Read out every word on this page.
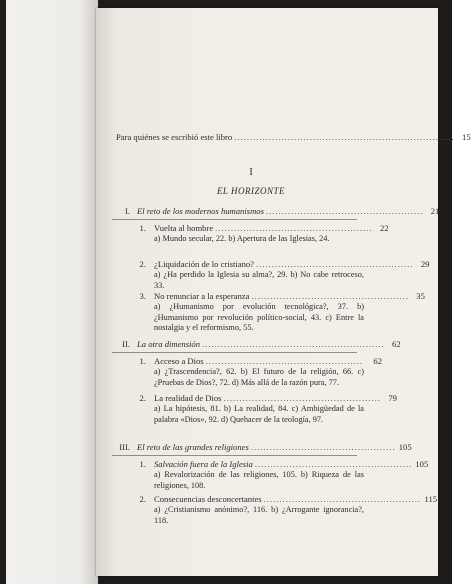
Para quiénes se escribió este libro ...................................................................... 15
I
EL HORIZONTE
I. El reto de los modernos humanismos .................................................. 21
1. Vuelta al hombre .................................................. 22
a) Mundo secular, 22. b) Apertura de las Iglesias, 24.
2. ¿Liquidación de lo cristiano? .................................................. 29
a) ¿Ha perdido la Iglesia su alma?, 29. b) No cabe retroceso, 33.
3. No renunciar a la esperanza .................................................. 35
a) ¿Humanismo por evolución tecnológica?, 37. b) ¿Humanismo por revolución político-social, 43. c) Entre la nostalgia y el reformismo, 55.
II. La otra dimensión .......................................................... 62
1. Acceso a Dios ..................................................	62
a) ¿Trascendencia?, 62. b) El futuro de la religión, 66. c) ¿Pruebas de Dios?, 72. d) Más allá de la razón pura, 77.
2. La realidad de Dios .................................................. 79
a) La hipótesis, 81. b) La realidad, 84. c) Ambigüedad de la palabra «Dios», 92. d) Quehacer de la teología, 97.
III. El reto de las grandes religiones .............................................. 105
1. Salvación fuera de la Iglesia .................................................. 105
a) Revalorización de las religiones, 105. b) Riqueza de las religiones, 108.
2. Consecuencias desconcertantes .................................................. 115
a) ¿Cristianismo anónimo?, 116. b) ¿Arrogante ignorancia?, 118.
